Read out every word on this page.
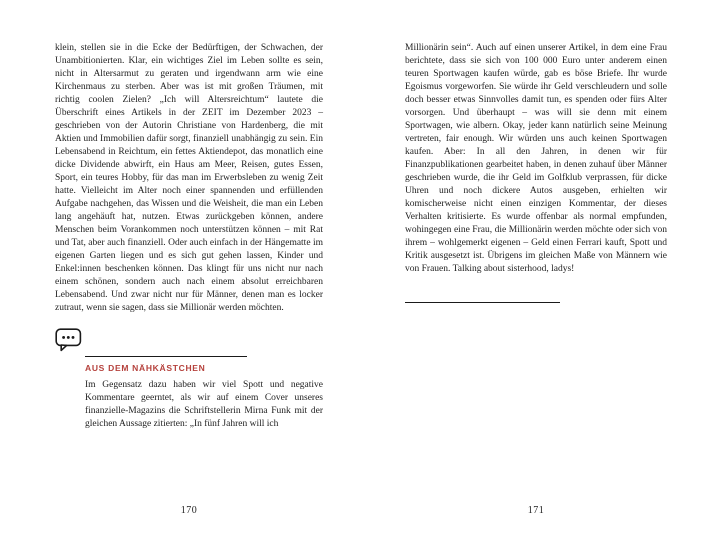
klein, stellen sie in die Ecke der Bedürftigen, der Schwachen, der Unambitionierten. Klar, ein wichtiges Ziel im Leben sollte es sein, nicht in Altersarmut zu geraten und irgendwann arm wie eine Kirchenmaus zu sterben. Aber was ist mit großen Träumen, mit richtig coolen Zielen? „Ich will Altersreichtum“ lautete die Überschrift eines Artikels in der ZEIT im Dezember 2023 – geschrieben von der Autorin Christiane von Hardenberg, die mit Aktien und Immobilien dafür sorgt, finanziell unabhängig zu sein. Ein Lebensabend in Reichtum, ein fettes Aktiendepot, das monatlich eine dicke Dividende abwirft, ein Haus am Meer, Reisen, gutes Essen, Sport, ein teures Hobby, für das man im Erwerbsleben zu wenig Zeit hatte. Vielleicht im Alter noch einer spannenden und erfüllenden Aufgabe nachgehen, das Wissen und die Weisheit, die man ein Leben lang angehäuft hat, nutzen. Etwas zurückgeben können, andere Menschen beim Vorankommen noch unterstützen können – mit Rat und Tat, aber auch finanziell. Oder auch einfach in der Hängematte im eigenen Garten liegen und es sich gut gehen lassen, Kinder und Enkel:innen beschenken können. Das klingt für uns nicht nur nach einem schönen, sondern auch nach einem absolut erreichbaren Lebensabend. Und zwar nicht nur für Männer, denen man es locker zutraut, wenn sie sagen, dass sie Millionär werden möchten.

AUS DEM NÄHKÄSTCHEN

Im Gegensatz dazu haben wir viel Spott und negative Kommentare geerntet, als wir auf einem Cover unseres finanzielle-Magazins die Schriftstellerin Mirna Funk mit der gleichen Aussage zitierten: „In fünf Jahren will ich

Millionärin sein“. Auch auf einen unserer Artikel, in dem eine Frau berichtete, dass sie sich von 100 000 Euro unter anderem einen teuren Sportwagen kaufen würde, gab es böse Briefe. Ihr wurde Egoismus vorgeworfen. Sie würde ihr Geld verschleudern und solle doch besser etwas Sinnvolles damit tun, es spenden oder fürs Alter vorsorgen. Und überhaupt – was will sie denn mit einem Sportwagen, wie albern. Okay, jeder kann natürlich seine Meinung vertreten, fair enough. Wir würden uns auch keinen Sportwagen kaufen. Aber: In all den Jahren, in denen wir für Finanzpublikationen gearbeitet haben, in denen zuhauf über Männer geschrieben wurde, die ihr Geld im Golfklub verprassen, für dicke Uhren und noch dickere Autos ausgeben, erhielten wir komischerweise nicht einen einzigen Kommentar, der dieses Verhalten kritisierte. Es wurde offenbar als normal empfunden, wohingegen eine Frau, die Millionärin werden möchte oder sich von ihrem – wohlgemerkt eigenen – Geld einen Ferrari kauft, Spott und Kritik ausgesetzt ist. Übrigens im gleichen Maße von Männern wie von Frauen. Talking about sisterhood, ladys!

170	171
